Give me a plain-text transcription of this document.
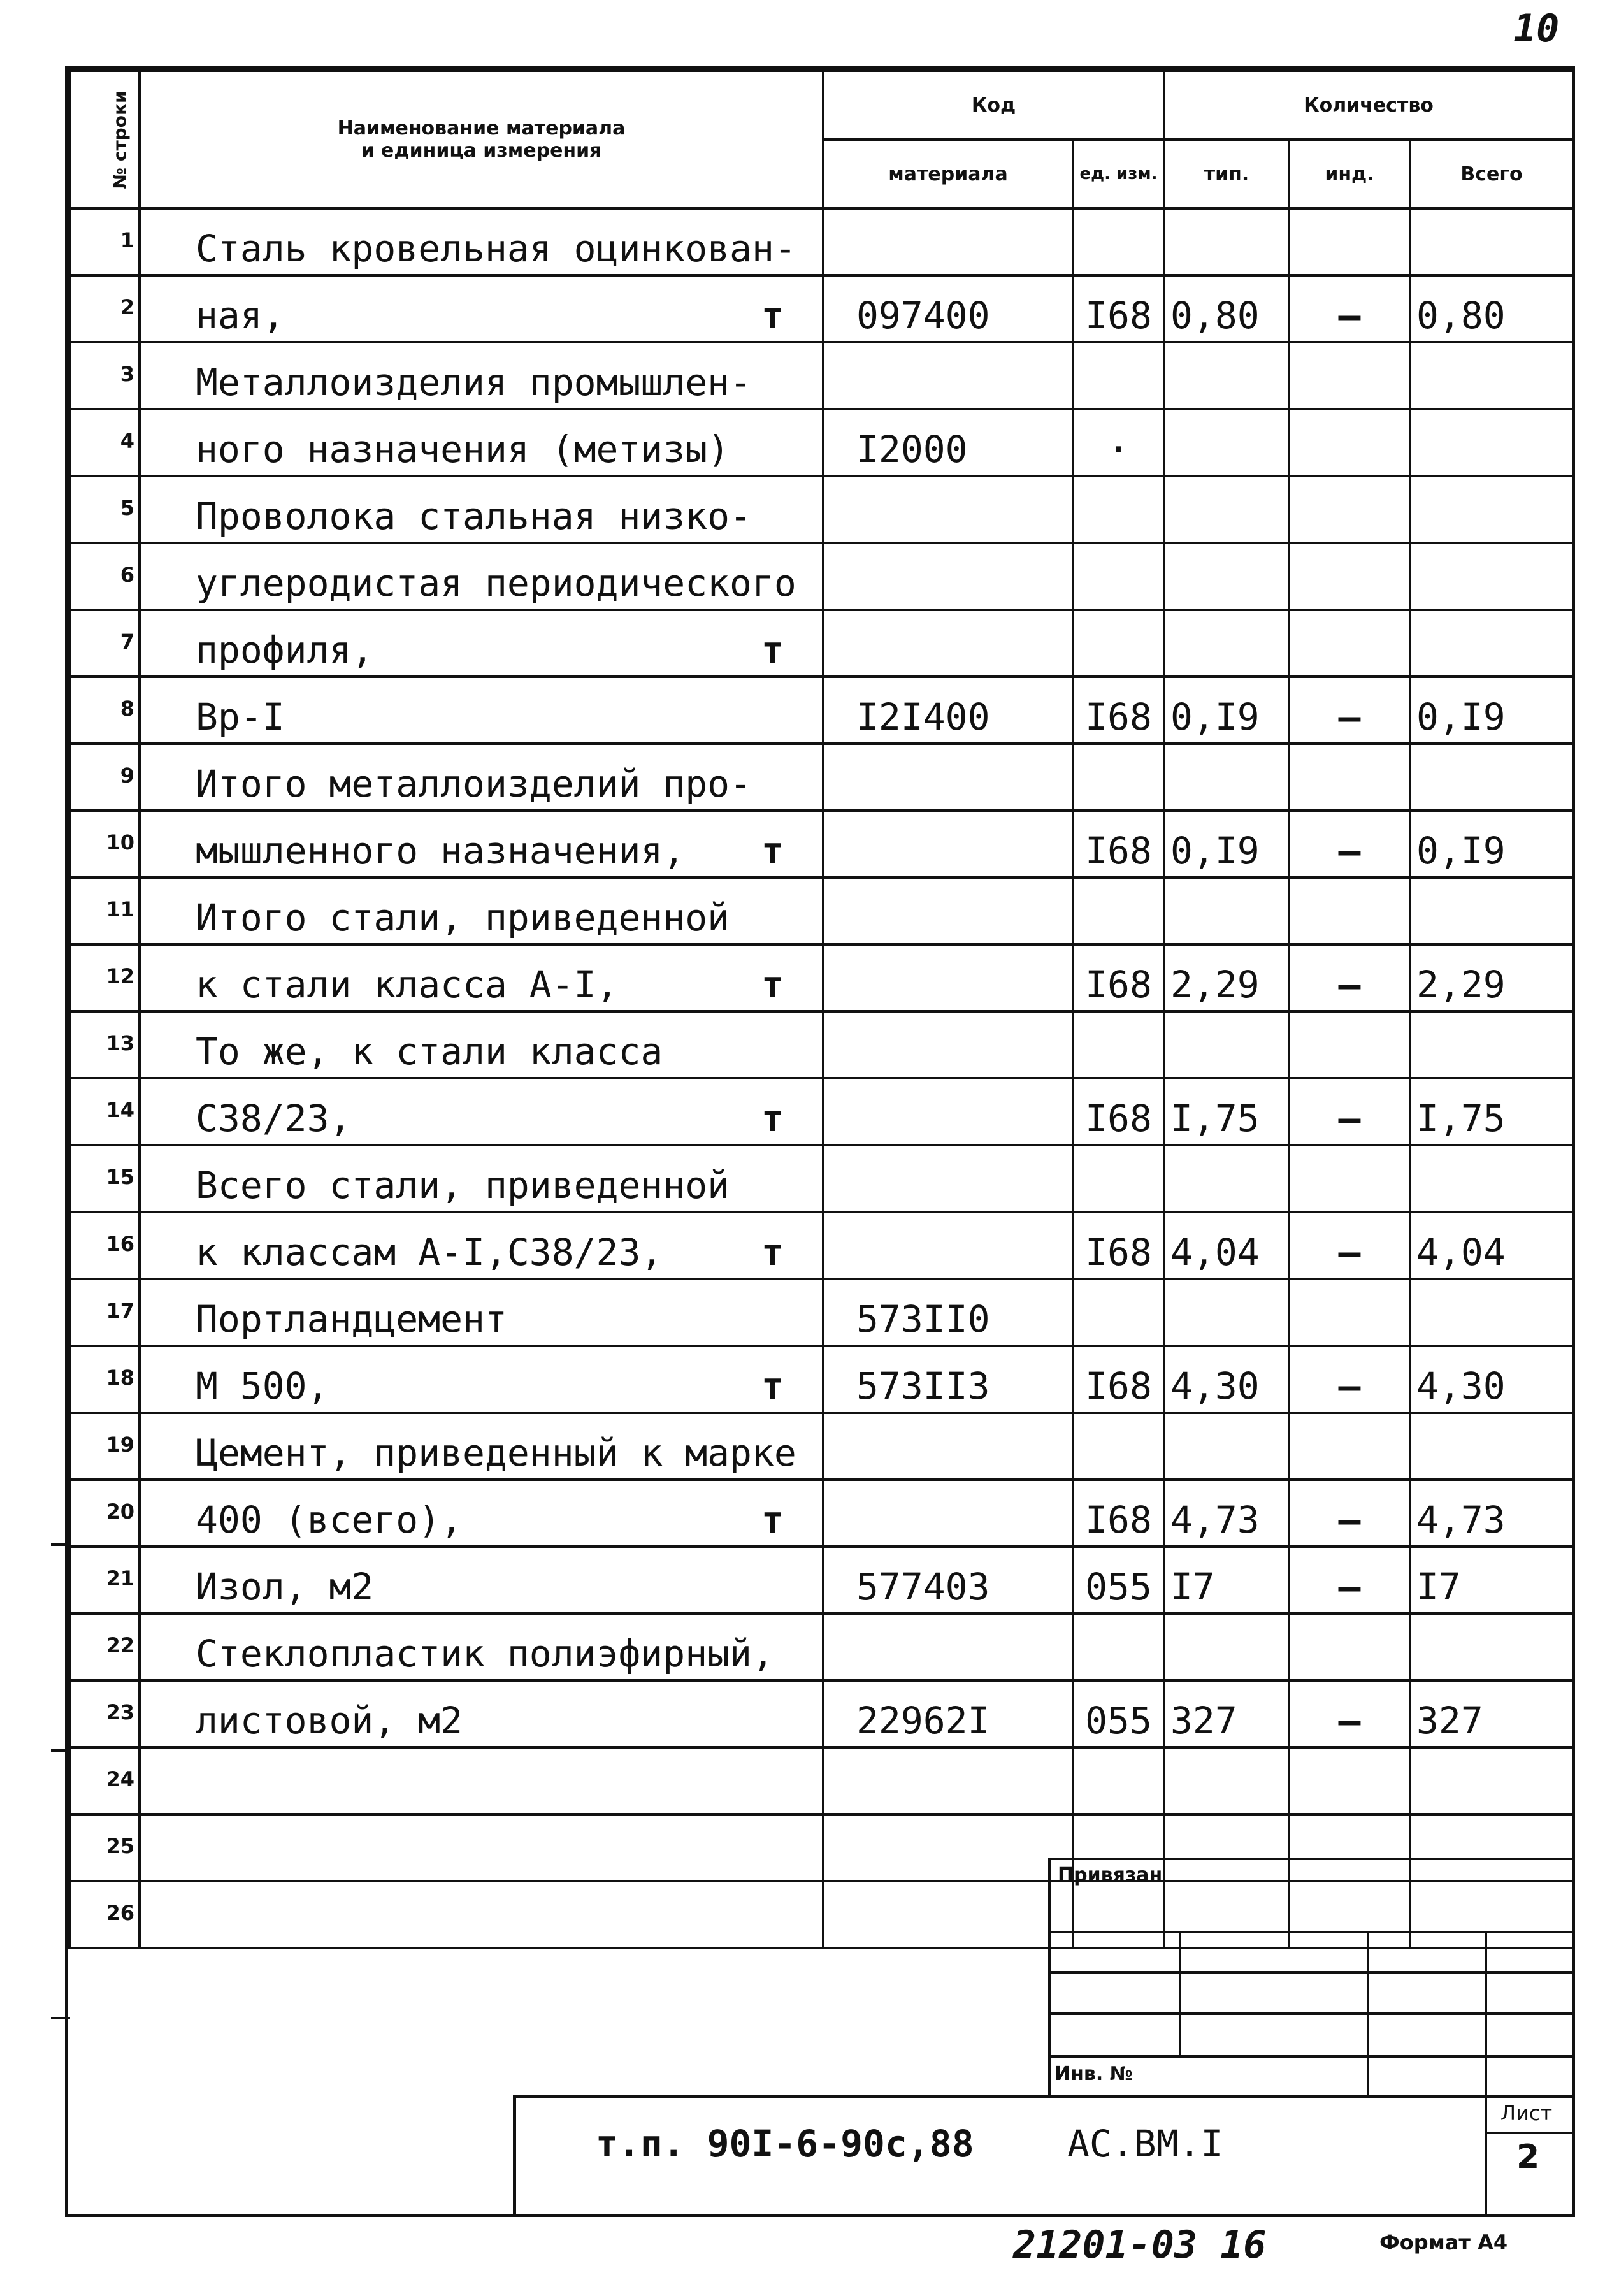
10
№ строки	Наименование материала
и единица измерения	Код		Количество		
		материала	ед. изм.	тип.	инд.	Всего
1	Сталь кровельная оцинкован-

2	ная, т	097400	I68	0,80	–	0,80
3	Металлоизделия промышлен-

4	ного назначения (метизы)	I2000	·			
5	Проволока стальная низко-

6	углеродистая периодического

7	профиля, т					

8	Вр-I	I2I400	I68	0,I9	–	0,I9
9	Итого металлоизделий про-

10	мышленного назначения, т		I68	0,I9	–	0,I9
11	Итого стали, приведенной

12	к стали класса А-I, т		I68	2,29	–	2,29
13	То же, к стали класса

14	С38/23, т		I68	I,75	–	I,75
15	Всего стали, приведенной

16	к классам А-I,С38/23, т		I68	4,04	–	4,04
17	Портландцемент	573II0				
18	М 500, т	573II3	I68	4,30	–	4,30
19	Цемент, приведенный к марке

20	400 (всего), т		I68	4,73	–	4,73
21	Изол, м2	577403	055	I7	–	I7
22	Стеклопластик полиэфирный,

23	листовой, м2	22962I	055	327	–	327
24	

25	

26	

Привязан
Инв. №
т.п. 90I-6-90с,88	АС.ВМ.I
Лист
2
21201-03 16	Формат А4
